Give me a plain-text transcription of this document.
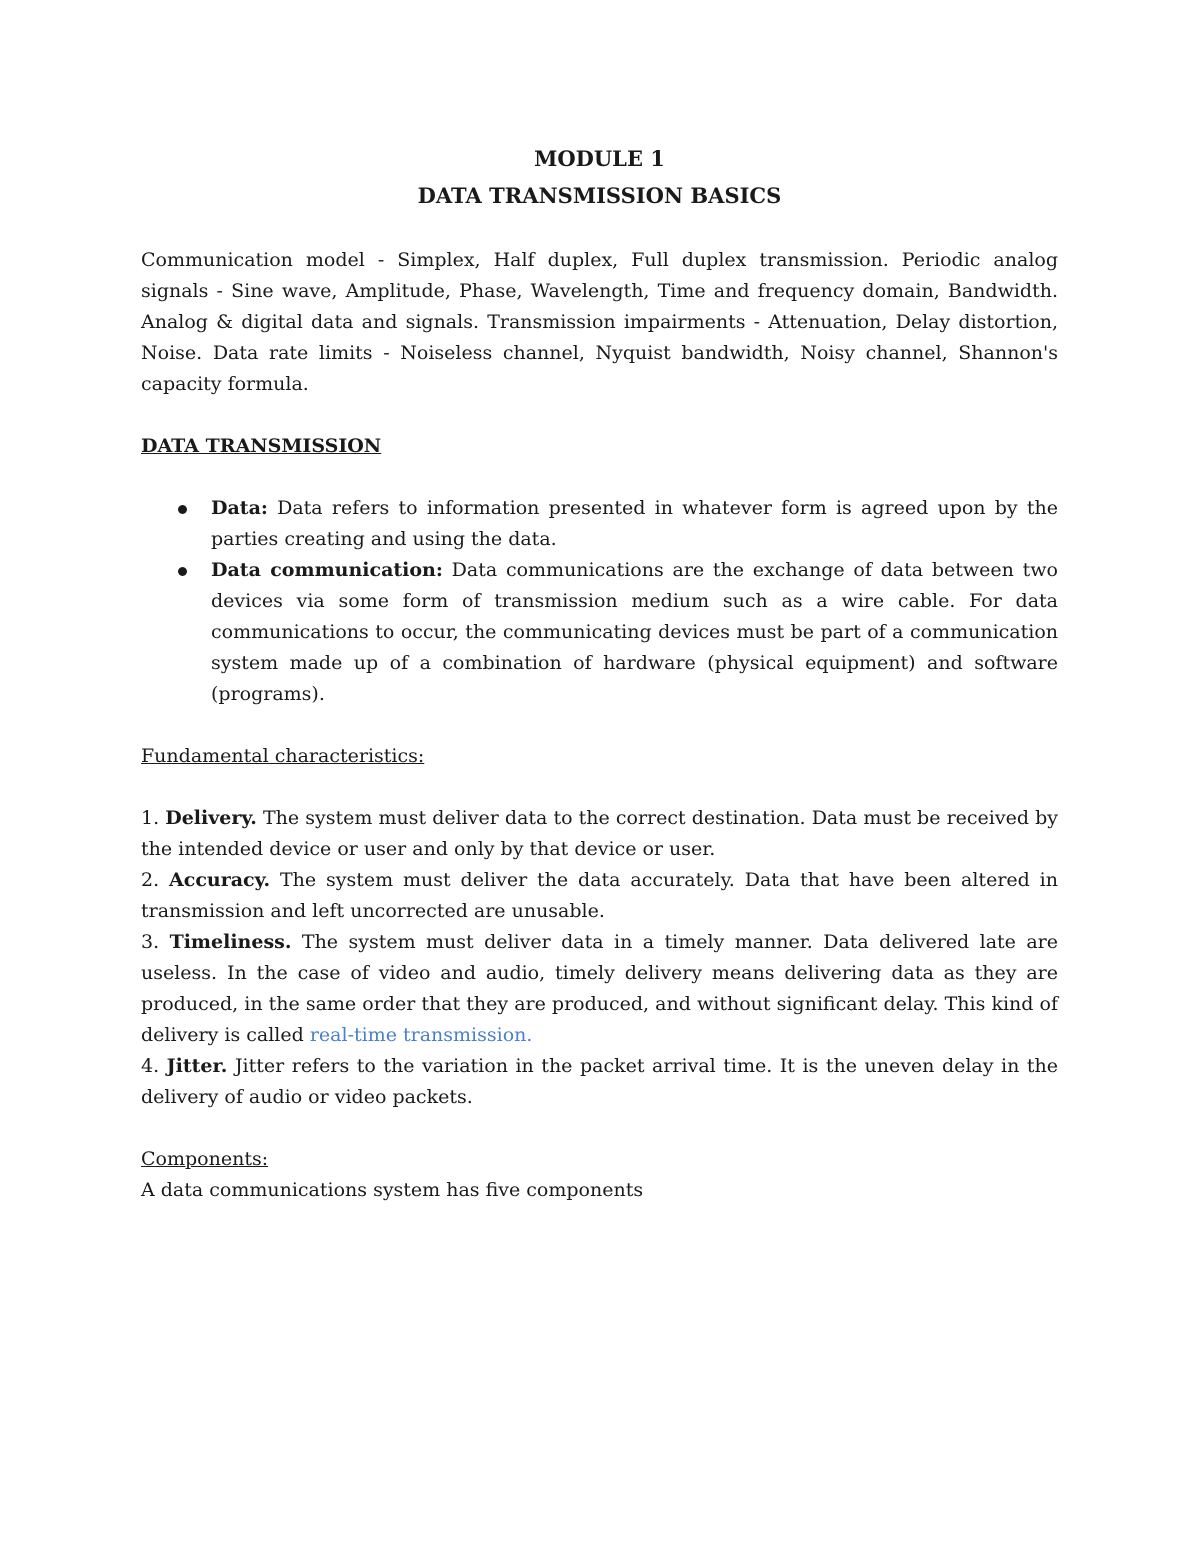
MODULE 1
DATA TRANSMISSION BASICS

Communication model - Simplex, Half duplex, Full duplex transmission. Periodic analog signals - Sine wave, Amplitude, Phase, Wavelength, Time and frequency domain, Bandwidth. Analog & digital data and signals. Transmission impairments - Attenuation, Delay distortion, Noise. Data rate limits - Noiseless channel, Nyquist bandwidth, Noisy channel, Shannon's capacity formula.

DATA TRANSMISSION
Data: Data refers to information presented in whatever form is agreed upon by the parties creating and using the data.
Data communication: Data communications are the exchange of data between two devices via some form of transmission medium such as a wire cable. For data communications to occur, the communicating devices must be part of a communication system made up of a combination of hardware (physical equipment) and software (programs).
Fundamental characteristics:
1. Delivery. The system must deliver data to the correct destination. Data must be received by the intended device or user and only by that device or user.
2. Accuracy. The system must deliver the data accurately. Data that have been altered in transmission and left uncorrected are unusable.
3. Timeliness. The system must deliver data in a timely manner. Data delivered late are useless. In the case of video and audio, timely delivery means delivering data as they are produced, in the same order that they are produced, and without significant delay. This kind of delivery is called real-time transmission.
4. Jitter. Jitter refers to the variation in the packet arrival time. It is the uneven delay in the delivery of audio or video packets.
Components:
A data communications system has five components
